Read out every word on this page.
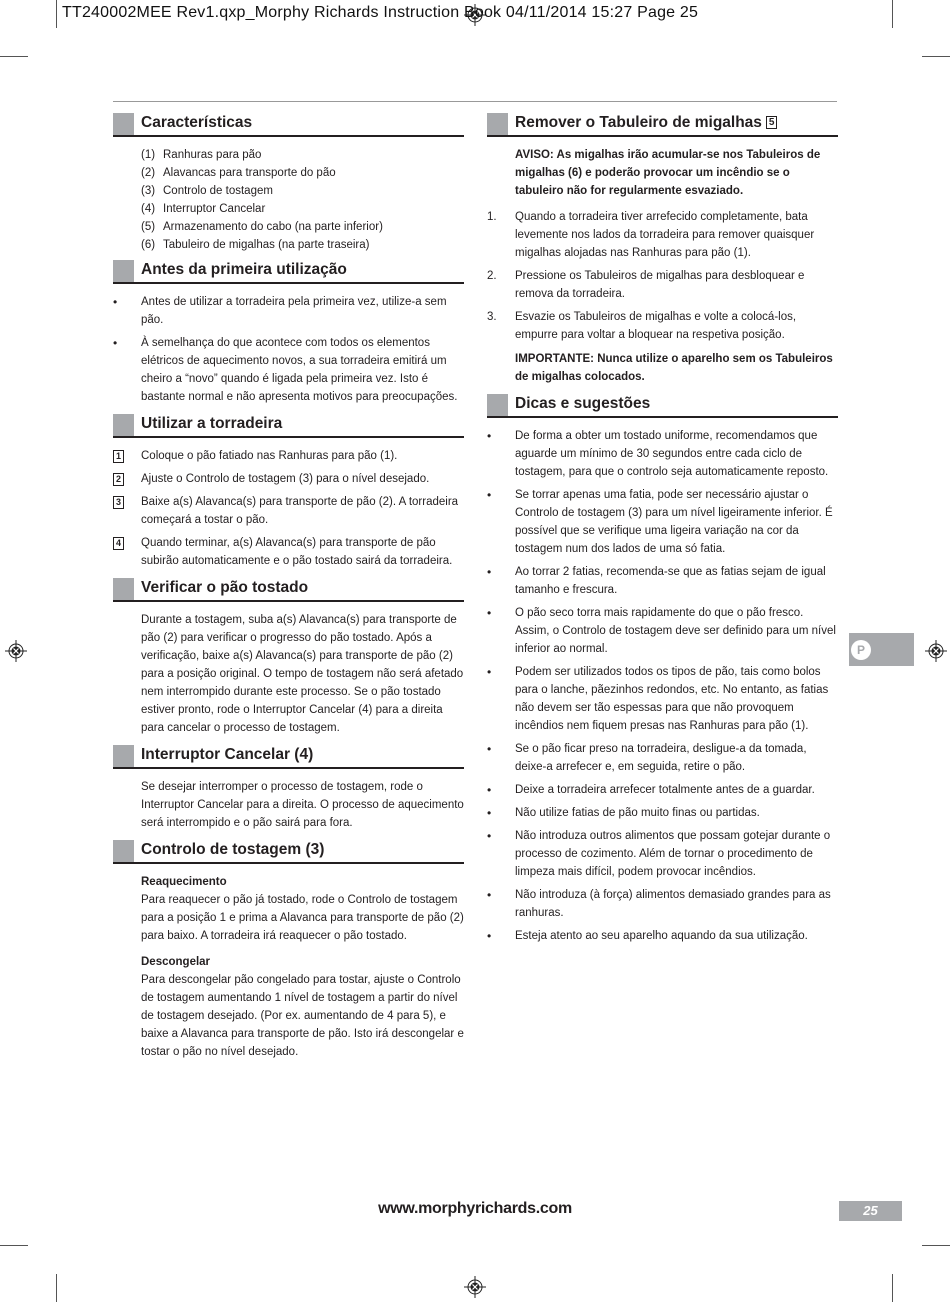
TT240002MEE Rev1.qxp_Morphy Richards Instruction Book 04/11/2014 15:27 Page 25
Características
(1) Ranhuras para pão
(2) Alavancas para transporte do pão
(3) Controlo de tostagem
(4) Interruptor Cancelar
(5) Armazenamento do cabo (na parte inferior)
(6) Tabuleiro de migalhas (na parte traseira)
Antes da primeira utilização
• Antes de utilizar a torradeira pela primeira vez, utilize-a sem pão.
• À semelhança do que acontece com todos os elementos elétricos de aquecimento novos, a sua torradeira emitirá um cheiro a “novo” quando é ligada pela primeira vez. Isto é bastante normal e não apresenta motivos para preocupações.
Utilizar a torradeira
1 Coloque o pão fatiado nas Ranhuras para pão (1).
2 Ajuste o Controlo de tostagem (3) para o nível desejado.
3 Baixe a(s) Alavanca(s) para transporte de pão (2). A torradeira começará a tostar o pão.
4 Quando terminar, a(s) Alavanca(s) para transporte de pão subirão automaticamente e o pão tostado sairá da torradeira.
Verificar o pão tostado

Durante a tostagem, suba a(s) Alavanca(s) para transporte de pão (2) para verificar o progresso do pão tostado. Após a verificação, baixe a(s) Alavanca(s) para transporte de pão (2) para a posição original. O tempo de tostagem não será afetado nem interrompido durante este processo. Se o pão tostado estiver pronto, rode o Interruptor Cancelar (4) para a direita para cancelar o processo de tostagem.

Interruptor Cancelar (4)

Se desejar interromper o processo de tostagem, rode o Interruptor Cancelar para a direita. O processo de aquecimento será interrompido e o pão sairá para fora.

Controlo de tostagem (3)
Reaquecimento

Para reaquecer o pão já tostado, rode o Controlo de tostagem para a posição 1 e prima a Alavanca para transporte de pão (2) para baixo. A torradeira irá reaquecer o pão tostado.

Descongelar

Para descongelar pão congelado para tostar, ajuste o Controlo de tostagem aumentando 1 nível de tostagem a partir do nível de tostagem desejado. (Por ex. aumentando de 4 para 5), e baixe a Alavanca para transporte de pão. Isto irá descongelar e tostar o pão no nível desejado.

Remover o Tabuleiro de migalhas 5

AVISO: As migalhas irão acumular-se nos Tabuleiros de migalhas (6) e poderão provocar um incêndio se o tabuleiro não for regularmente esvaziado.

1. Quando a torradeira tiver arrefecido completamente, bata levemente nos lados da torradeira para remover quaisquer migalhas alojadas nas Ranhuras para pão (1).
2. Pressione os Tabuleiros de migalhas para desbloquear e remova da torradeira.
3. Esvazie os Tabuleiros de migalhas e volte a colocá-los, empurre para voltar a bloquear na respetiva posição.

IMPORTANTE: Nunca utilize o aparelho sem os Tabuleiros de migalhas colocados.

Dicas e sugestões
• De forma a obter um tostado uniforme, recomendamos que aguarde um mínimo de 30 segundos entre cada ciclo de tostagem, para que o controlo seja automaticamente reposto.
• Se torrar apenas uma fatia, pode ser necessário ajustar o Controlo de tostagem (3) para um nível ligeiramente inferior. É possível que se verifique uma ligeira variação na cor da tostagem num dos lados de uma só fatia.
• Ao torrar 2 fatias, recomenda-se que as fatias sejam de igual tamanho e frescura.
• O pão seco torra mais rapidamente do que o pão fresco. Assim, o Controlo de tostagem deve ser definido para um nível inferior ao normal.
• Podem ser utilizados todos os tipos de pão, tais como bolos para o lanche, pãezinhos redondos, etc. No entanto, as fatias não devem ser tão espessas para que não provoquem incêndios nem fiquem presas nas Ranhuras para pão (1).
• Se o pão ficar preso na torradeira, desligue-a da tomada, deixe-a arrefecer e, em seguida, retire o pão.
• Deixe a torradeira arrefecer totalmente antes de a guardar.
• Não utilize fatias de pão muito finas ou partidas.
• Não introduza outros alimentos que possam gotejar durante o processo de cozimento. Além de tornar o procedimento de limpeza mais difícil, podem provocar incêndios.
• Não introduza (à força) alimentos demasiado grandes para as ranhuras.
• Esteja atento ao seu aparelho aquando da sua utilização.
P
www.morphyrichards.com	25
